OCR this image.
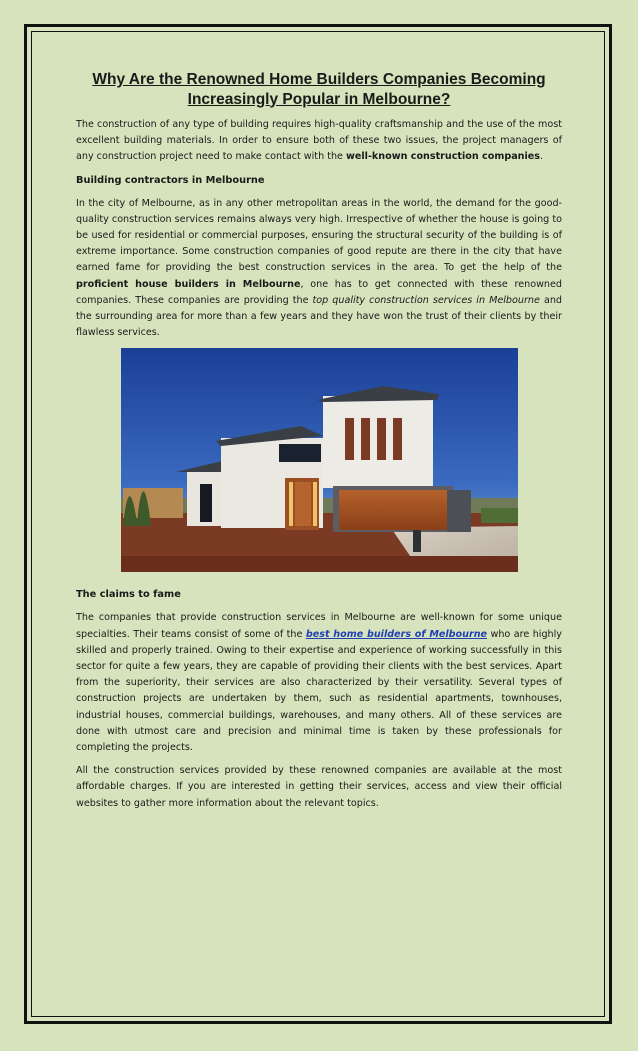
Why Are the Renowned Home Builders Companies Becoming Increasingly Popular in Melbourne?

The construction of any type of building requires high-quality craftsmanship and the use of the most excellent building materials. In order to ensure both of these two issues, the project managers of any construction project need to make contact with the well-known construction companies.

Building contractors in Melbourne

In the city of Melbourne, as in any other metropolitan areas in the world, the demand for the good-quality construction services remains always very high. Irrespective of whether the house is going to be used for residential or commercial purposes, ensuring the structural security of the building is of extreme importance. Some construction companies of good repute are there in the city that have earned fame for providing the best construction services in the area. To get the help of the proficient house builders in Melbourne, one has to get connected with these renowned companies. These companies are providing the top quality construction services in Melbourne and the surrounding area for more than a few years and they have won the trust of their clients by their flawless services.

The claims to fame

The companies that provide construction services in Melbourne are well-known for some unique specialties. Their teams consist of some of the best home builders of Melbourne who are highly skilled and properly trained. Owing to their expertise and experience of working successfully in this sector for quite a few years, they are capable of providing their clients with the best services. Apart from the superiority, their services are also characterized by their versatility. Several types of construction projects are undertaken by them, such as residential apartments, townhouses, industrial houses, commercial buildings, warehouses, and many others. All of these services are done with utmost care and precision and minimal time is taken by these professionals for completing the projects.

All the construction services provided by these renowned companies are available at the most affordable charges. If you are interested in getting their services, access and view their official websites to gather more information about the relevant topics.
